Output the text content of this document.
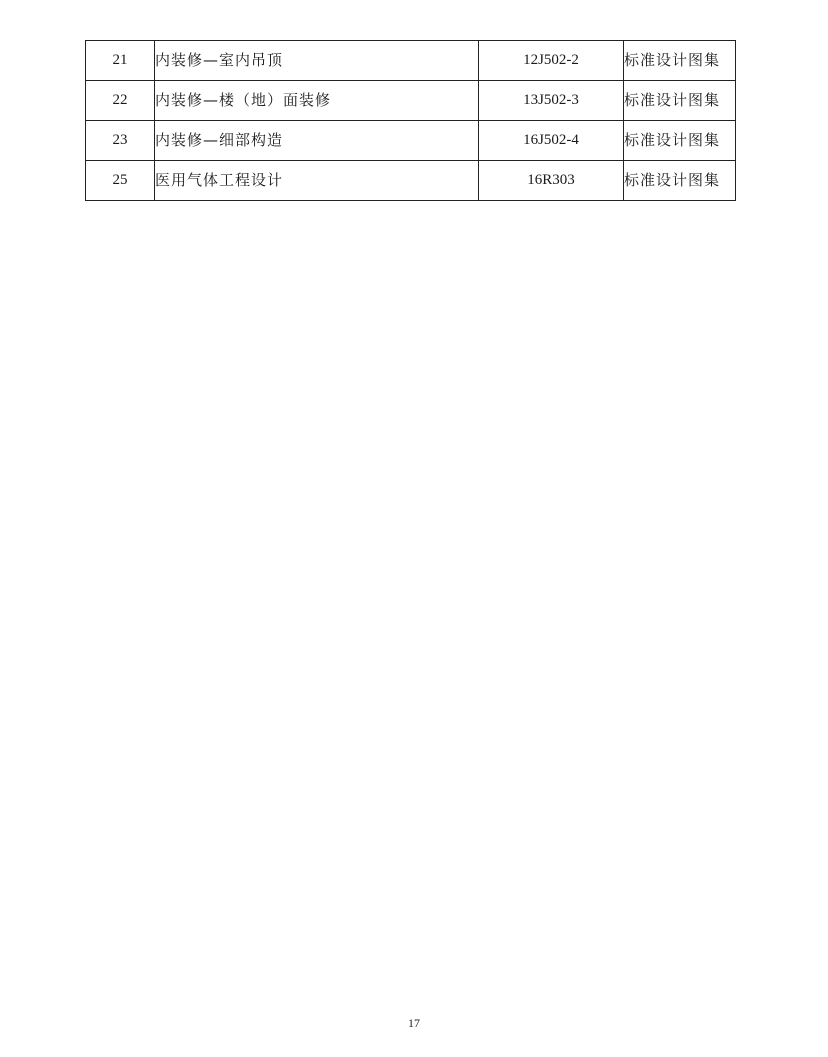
21	内装修—室内吊顶	12J502-2	标准设计图集
22	内装修—楼（地）面装修	13J502-3	标准设计图集
23	内装修—细部构造	16J502-4	标准设计图集
25	医用气体工程设计	16R303	标准设计图集
17
